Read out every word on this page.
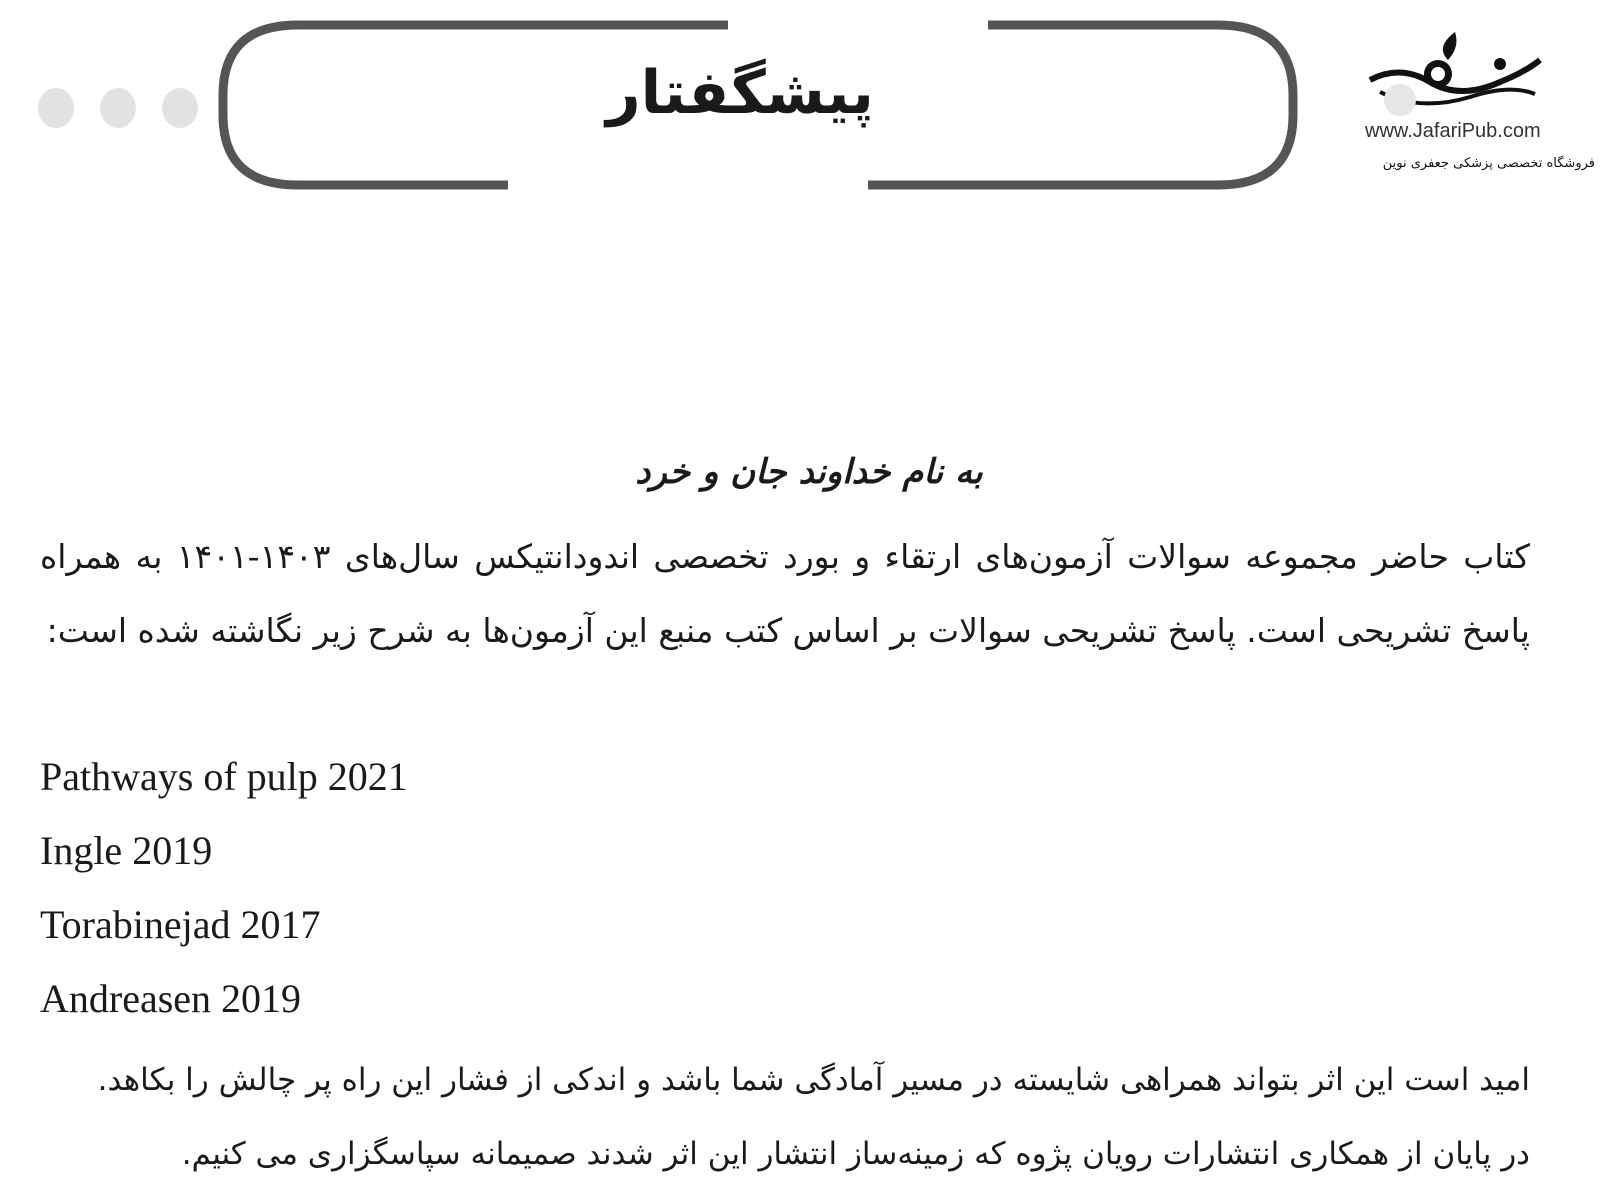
پیشگفتار
www.JafariPub.com
فروشگاه تخصصی پزشکی جعفری نوین
به نام خداوند جان و خرد

کتاب حاضر مجموعه سوالات آزمون‌های ارتقاء و بورد تخصصی اندودانتیکس سال‌های ۱۴۰۳-۱۴۰۱ به همراه پاسخ تشریحی است. پاسخ تشریحی سوالات بر اساس کتب منبع این آزمون‌ها به شرح زیر نگاشته شده است:

Pathways of pulp 2021
Ingle 2019
Torabinejad 2017
Andreasen 2019

امید است این اثر بتواند همراهی شایسته در مسیر آمادگی شما باشد و اندکی از فشار این راه پر چالش را بکاهد.

در پایان از همکاری انتشارات رویان پژوه که زمینه‌ساز انتشار این اثر شدند صمیمانه سپاسگزاری می کنیم.
